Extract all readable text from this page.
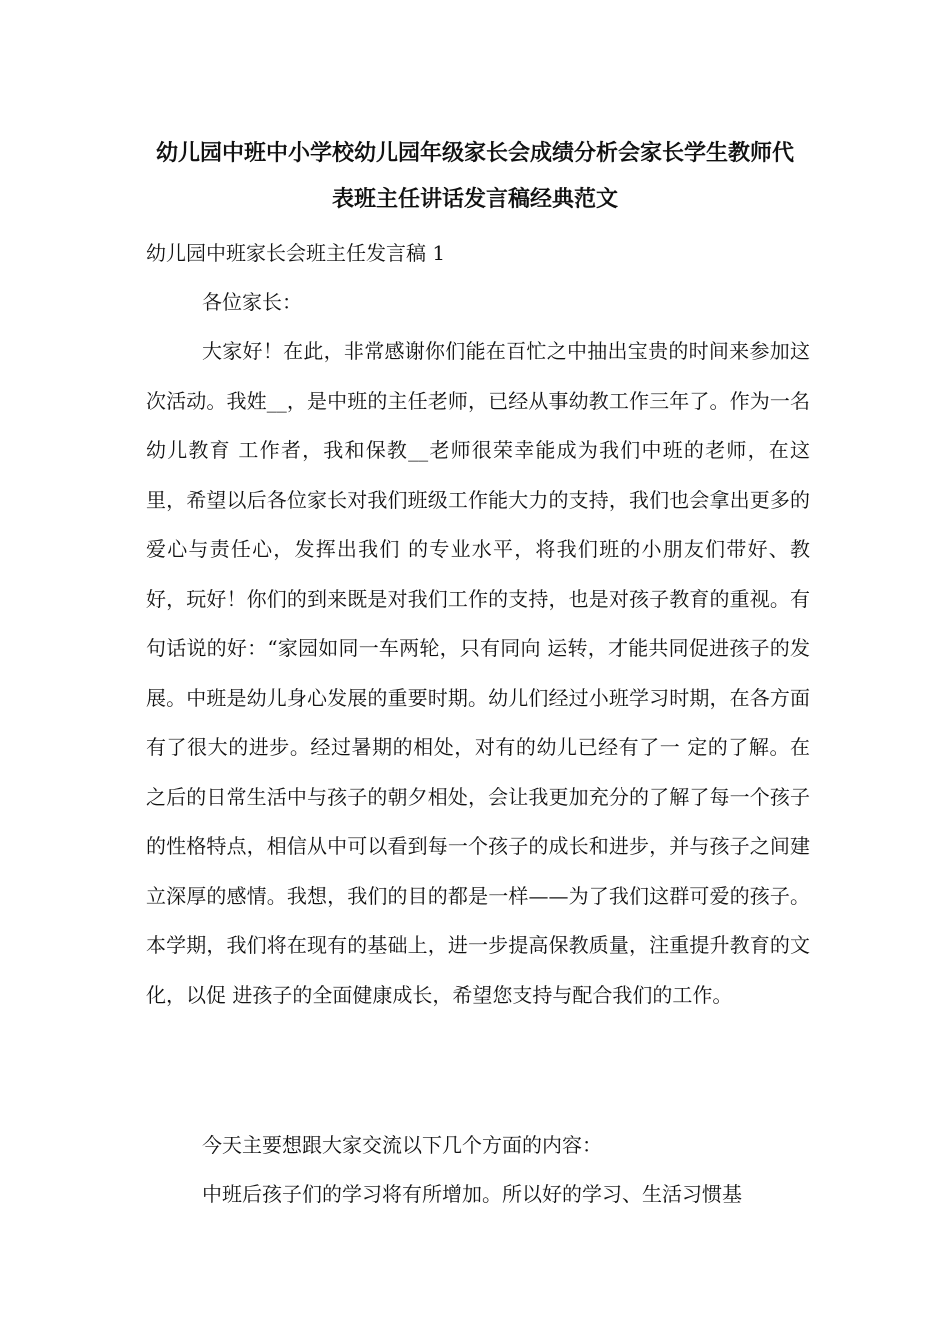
幼儿园中班中小学校幼儿园年级家长会成绩分析会家长学生教师代
表班主任讲话发言稿经典范文
幼儿园中班家长会班主任发言稿 1

各位家长：

大家好！在此，非常感谢你们能在百忙之中抽出宝贵的时间来参加这次活动。我姓__，是中班的主任老师，已经从事幼教工作三年了。作为一名幼儿教育 工作者，我和保教__老师很荣幸能成为我们中班的老师，在这里，希望以后各位家长对我们班级工作能大力的支持，我们也会拿出更多的爱心与责任心，发挥出我们 的专业水平，将我们班的小朋友们带好、教好，玩好！你们的到来既是对我们工作的支持，也是对孩子教育的重视。有句话说的好：“家园如同一车两轮，只有同向 运转，才能共同促进孩子的发展。中班是幼儿身心发展的重要时期。幼儿们经过小班学习时期，在各方面有了很大的进步。经过暑期的相处，对有的幼儿已经有了一 定的了解。在之后的日常生活中与孩子的朝夕相处，会让我更加充分的了解了每一个孩子的性格特点，相信从中可以看到每一个孩子的成长和进步，并与孩子之间建立深厚的感情。我想，我们的目的都是一样——为了我们这群可爱的孩子。本学期，我们将在现有的基础上，进一步提高保教质量，注重提升教育的文化，以促 进孩子的全面健康成长，希望您支持与配合我们的工作。

今天主要想跟大家交流以下几个方面的内容：

中班后孩子们的学习将有所增加。所以好的学习、生活习惯基
